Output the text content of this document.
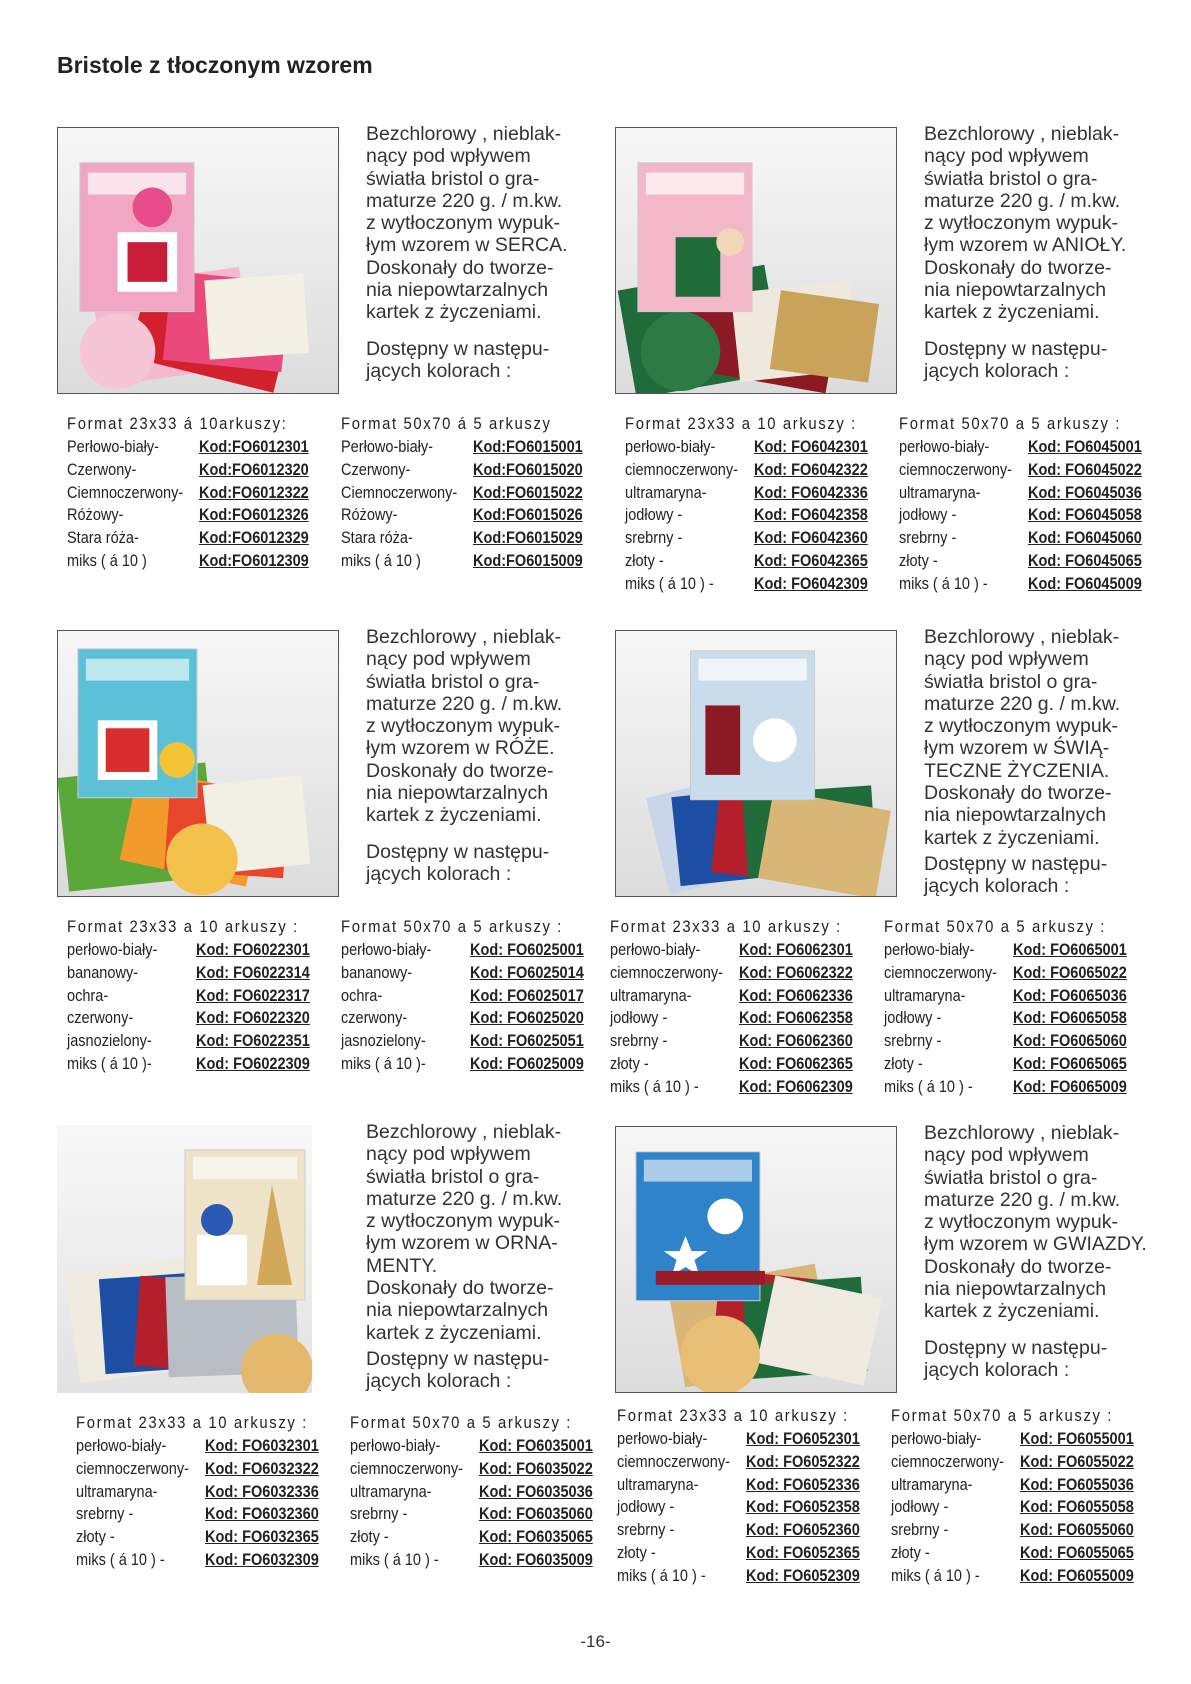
Bristole z tłoczonym wzorem

Bezchlorowy , nieblak-
nący pod wpływem
światła bristol o gra-
maturze 220 g. / m.kw.
z wytłoczonym wypuk-
łym wzorem w SERCA.
Doskonały do tworze-
nia niepowtarzalnych
kartek z życzeniami.

Dostępny w następu-
jących kolorach :

Format 23x33 á 10arkuszy:
Perłowo-biały-	Kod:FO6012301
Czerwony-	Kod:FO6012320
Ciemnoczerwony- Kod:FO6012322
Różowy-	Kod:FO6012326
Stara róża-	Kod:FO6012329
miks ( á 10 )	Kod:FO6012309
Format 50x70 á 5 arkuszy
Perłowo-biały-	Kod:FO6015001
Czerwony-	Kod:FO6015020
Ciemnoczerwony- Kod:FO6015022
Różowy-	Kod:FO6015026
Stara róża-	Kod:FO6015029
miks ( á 10 )	Kod:FO6015009

Bezchlorowy , nieblak-
nący pod wpływem
światła bristol o gra-
maturze 220 g. / m.kw.
z wytłoczonym wypuk-
łym wzorem w ANIOŁY.
Doskonały do tworze-
nia niepowtarzalnych
kartek z życzeniami.

Dostępny w następu-
jących kolorach :

Format 23x33 a 10 arkuszy :
perłowo-biały-	Kod: FO6042301
ciemnoczerwony- Kod: FO6042322
ultramaryna-	Kod: FO6042336
jodłowy -	Kod: FO6042358
srebrny -	Kod: FO6042360
złoty -	Kod: FO6042365
miks ( á 10 ) -	Kod: FO6042309
Format 50x70 a 5 arkuszy :
perłowo-biały-	Kod: FO6045001
ciemnoczerwony- Kod: FO6045022
ultramaryna-	Kod: FO6045036
jodłowy -	Kod: FO6045058
srebrny -	Kod: FO6045060
złoty -	Kod: FO6045065
miks ( á 10 ) -	Kod: FO6045009

Bezchlorowy , nieblak-
nący pod wpływem
światła bristol o gra-
maturze 220 g. / m.kw.
z wytłoczonym wypuk-
łym wzorem w RÓŻE.
Doskonały do tworze-
nia niepowtarzalnych
kartek z życzeniami.

Dostępny w następu-
jących kolorach :

Format 23x33 a 10 arkuszy :
perłowo-biały-	Kod: FO6022301
bananowy-	Kod: FO6022314
ochra-	Kod: FO6022317
czerwony-	Kod: FO6022320
jasnozielony-	Kod: FO6022351
miks ( á 10 )-	Kod: FO6022309
Format 50x70 a 5 arkuszy :
perłowo-biały-	Kod: FO6025001
bananowy-	Kod: FO6025014
ochra-	Kod: FO6025017
czerwony-	Kod: FO6025020
jasnozielony-	Kod: FO6025051
miks ( á 10 )-	Kod: FO6025009

Bezchlorowy , nieblak-
nący pod wpływem
światła bristol o gra-
maturze 220 g. / m.kw.
z wytłoczonym wypuk-
łym wzorem w ŚWIĄ-
TECZNE ŻYCZENIA.
Doskonały do tworze-
nia niepowtarzalnych
kartek z życzeniami.

Dostępny w następu-
jących kolorach :

Format 23x33 a 10 arkuszy :
perłowo-biały-	Kod: FO6062301
ciemnoczerwony- Kod: FO6062322
ultramaryna-	Kod: FO6062336
jodłowy -	Kod: FO6062358
srebrny -	Kod: FO6062360
złoty -	Kod: FO6062365
miks ( á 10 ) -	Kod: FO6062309
Format 50x70 a 5 arkuszy :
perłowo-biały-	Kod: FO6065001
ciemnoczerwony- Kod: FO6065022
ultramaryna-	Kod: FO6065036
jodłowy -	Kod: FO6065058
srebrny -	Kod: FO6065060
złoty -	Kod: FO6065065
miks ( á 10 ) -	Kod: FO6065009

Bezchlorowy , nieblak-
nący pod wpływem
światła bristol o gra-
maturze 220 g. / m.kw.
z wytłoczonym wypuk-
łym wzorem w ORNA-
MENTY.
Doskonały do tworze-
nia niepowtarzalnych
kartek z życzeniami.

Dostępny w następu-
jących kolorach :

Format 23x33 a 10 arkuszy :
perłowo-biały-	Kod: FO6032301
ciemnoczerwony- Kod: FO6032322
ultramaryna-	Kod: FO6032336
srebrny -	Kod: FO6032360
złoty -	Kod: FO6032365
miks ( á 10 ) -	Kod: FO6032309
Format 50x70 a 5 arkuszy :
perłowo-biały-	Kod: FO6035001
ciemnoczerwony- Kod: FO6035022
ultramaryna-	Kod: FO6035036
srebrny -	Kod: FO6035060
złoty -	Kod: FO6035065
miks ( á 10 ) -	Kod: FO6035009

Bezchlorowy , nieblak-
nący pod wpływem
światła bristol o gra-
maturze 220 g. / m.kw.
z wytłoczonym wypuk-
łym wzorem w GWIAZDY.
Doskonały do tworze-
nia niepowtarzalnych
kartek z życzeniami.

Dostępny w następu-
jących kolorach :

Format 23x33 a 10 arkuszy :
perłowo-biały-	Kod: FO6052301
ciemnoczerwony- Kod: FO6052322
ultramaryna-	Kod: FO6052336
jodłowy -	Kod: FO6052358
srebrny -	Kod: FO6052360
złoty -	Kod: FO6052365
miks ( á 10 ) -	Kod: FO6052309
Format 50x70 a 5 arkuszy :
perłowo-biały-	Kod: FO6055001
ciemnoczerwony- Kod: FO6055022
ultramaryna-	Kod: FO6055036
jodłowy -	Kod: FO6055058
srebrny -	Kod: FO6055060
złoty -	Kod: FO6055065
miks ( á 10 ) -	Kod: FO6055009
-16-
